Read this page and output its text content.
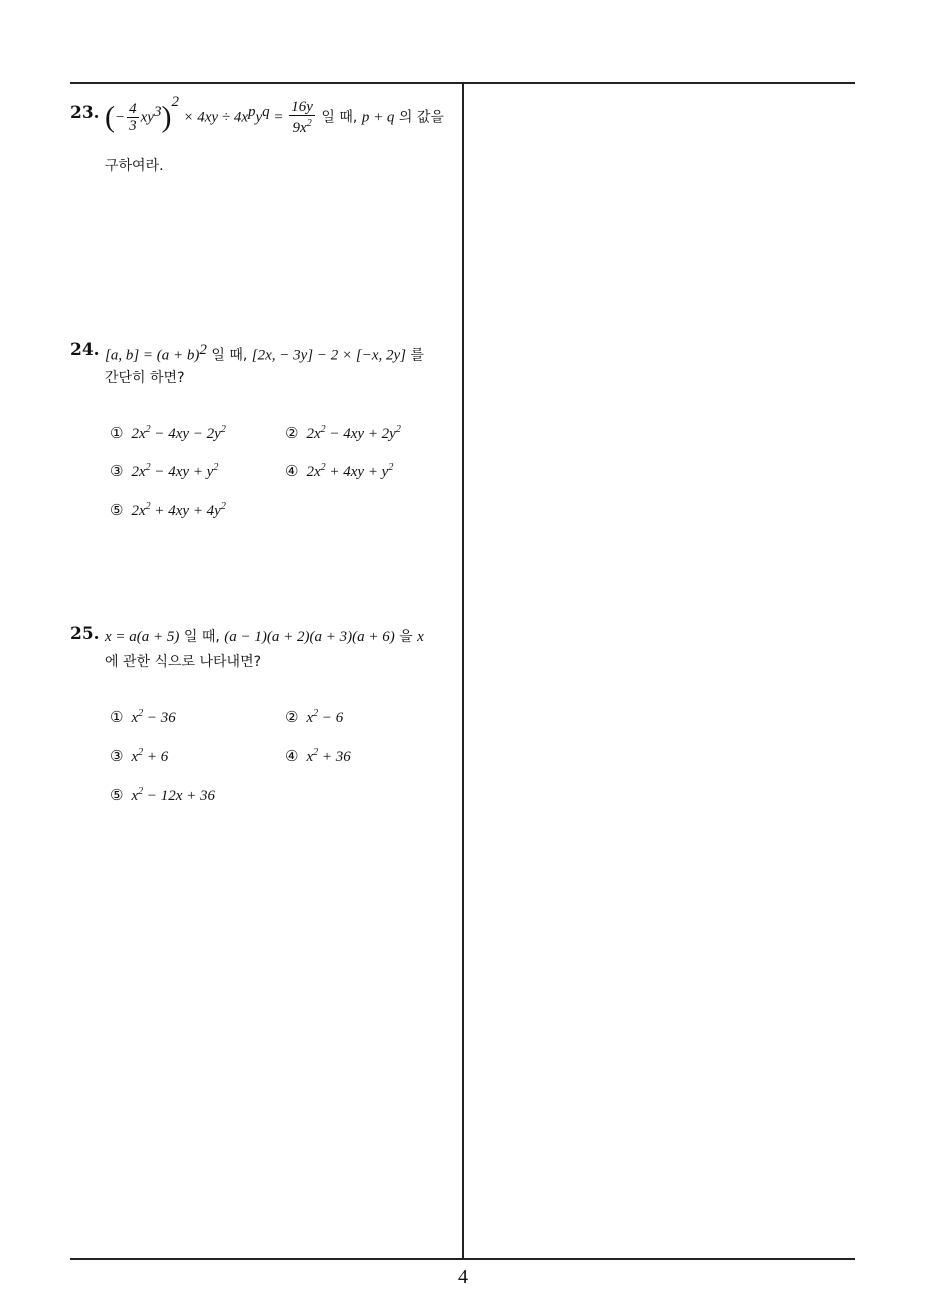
23. (− $\frac{4}{3} xy^3)^2 \times 4xy \div 4x^py^q = \frac{16y}{9x^2}$ 일 때, p + q 의 값을
구하여라.
24. [a, $b] = (a + b)^2$ 일 때, [2x, − 3y] − 2 × [−x, 2y] 를
간단히 하면?
① $2x^2 - 4xy - 2y^2$	② $2x^2 - 4xy + 2y^2$
③ $2x^2 - 4xy + y^2$	④ $2x^2 + 4xy + y^2$
⑤ $2x^2 + 4xy + 4y^2$
25. x = a(a + 5) 일 때, (a − 1)(a + 2)(a + 3)(a + 6) 을 x
에 관한 식으로 나타내면?
① $x^2 - 36$	② $x^2 - 6$
③ $x^2 + 6$	④ $x^2 + 36$
⑤ $x^2 - 12x + 36$
4
